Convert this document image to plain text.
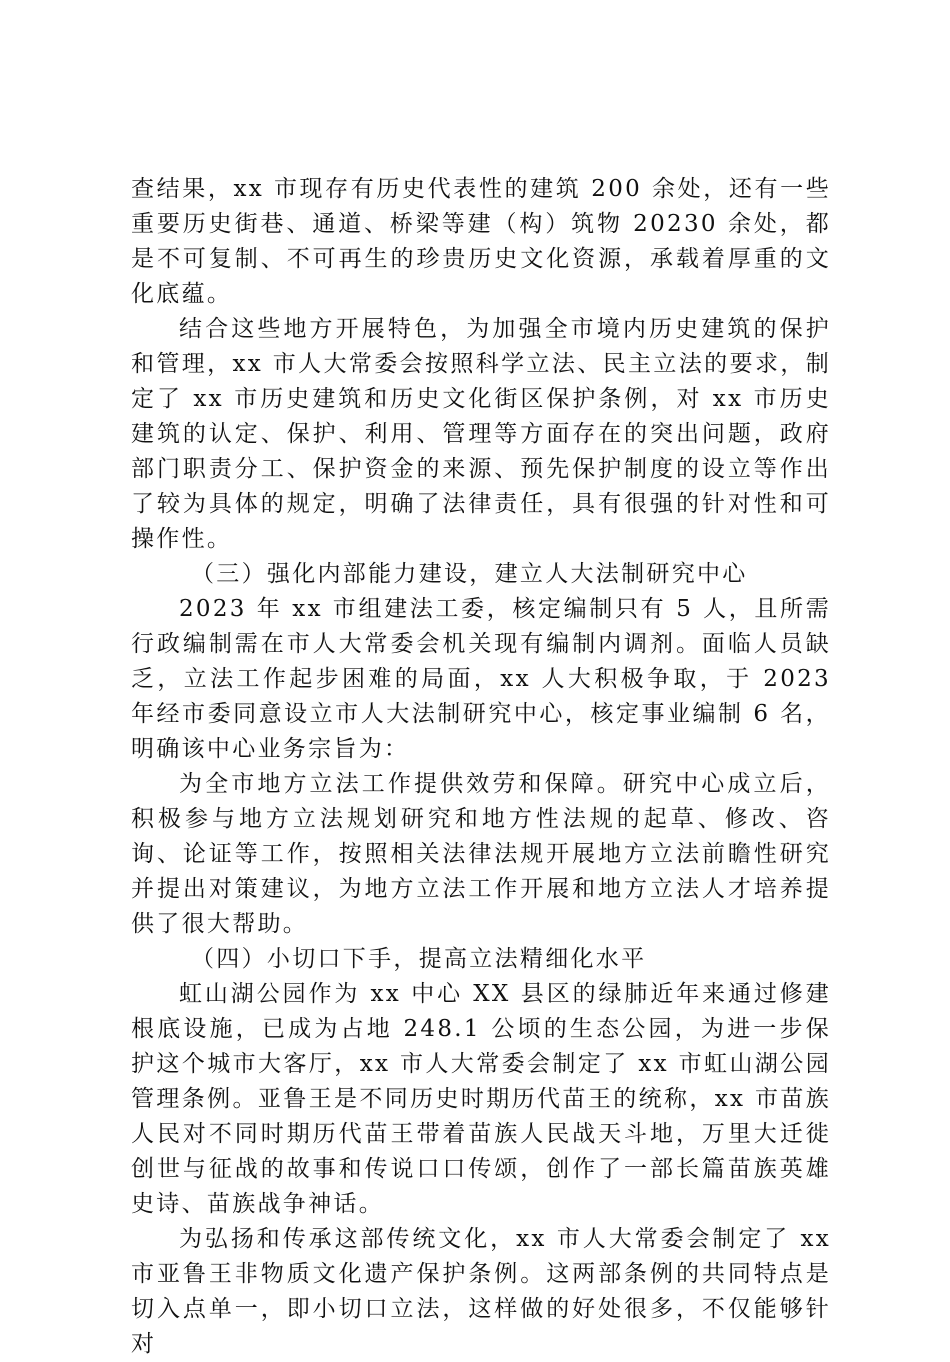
查结果，xx 市现存有历史代表性的建筑 200 余处，还有一些重要历史街巷、通道、桥梁等建（构）筑物 20230 余处，都是不可复制、不可再生的珍贵历史文化资源，承载着厚重的文化底蕴。

结合这些地方开展特色，为加强全市境内历史建筑的保护和管理，xx 市人大常委会按照科学立法、民主立法的要求，制定了 xx 市历史建筑和历史文化街区保护条例，对 xx 市历史建筑的认定、保护、利用、管理等方面存在的突出问题，政府部门职责分工、保护资金的来源、预先保护制度的设立等作出了较为具体的规定，明确了法律责任，具有很强的针对性和可操作性。

（三）强化内部能力建设，建立人大法制研究中心

2023 年 xx 市组建法工委，核定编制只有 5 人，且所需行政编制需在市人大常委会机关现有编制内调剂。面临人员缺乏，立法工作起步困难的局面，xx 人大积极争取，于 2023 年经市委同意设立市人大法制研究中心，核定事业编制 6 名，明确该中心业务宗旨为：

为全市地方立法工作提供效劳和保障。研究中心成立后，积极参与地方立法规划研究和地方性法规的起草、修改、咨询、论证等工作，按照相关法律法规开展地方立法前瞻性研究并提出对策建议，为地方立法工作开展和地方立法人才培养提供了很大帮助。

（四）小切口下手，提高立法精细化水平

虹山湖公园作为 xx 中心 XX 县区的绿肺近年来通过修建根底设施，已成为占地 248.1 公顷的生态公园，为进一步保护这个城市大客厅，xx 市人大常委会制定了 xx 市虹山湖公园管理条例。亚鲁王是不同历史时期历代苗王的统称，xx 市苗族人民对不同时期历代苗王带着苗族人民战天斗地，万里大迁徙创世与征战的故事和传说口口传颂，创作了一部长篇苗族英雄史诗、苗族战争神话。

为弘扬和传承这部传统文化，xx 市人大常委会制定了 xx 市亚鲁王非物质文化遗产保护条例。这两部条例的共同特点是切入点单一，即小切口立法，这样做的好处很多，不仅能够针对
